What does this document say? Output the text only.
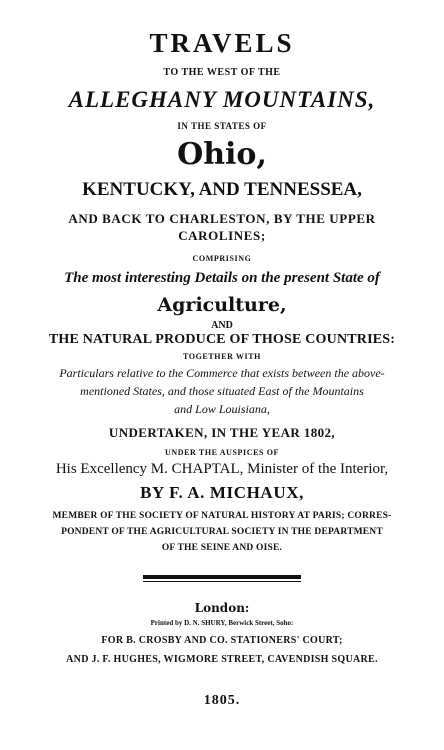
TRAVELS
TO THE WEST OF THE
ALLEGHANY MOUNTAINS,
IN THE STATES OF
Ohio,
KENTUCKY, AND TENNESSEA,
AND BACK TO CHARLESTON, BY THE UPPER
CAROLINES;
COMPRISING
The most interesting Details on the present State of
Agriculture,
AND
THE NATURAL PRODUCE OF THOSE COUNTRIES:
TOGETHER WITH
Particulars relative to the Commerce that exists between the above-
mentioned States, and those situated East of the Mountains
and Low Louisiana,
UNDERTAKEN, IN THE YEAR 1802,
UNDER THE AUSPICES OF
His Excellency M. CHAPTAL, Minister of the Interior,
BY F. A. MICHAUX,
MEMBER OF THE SOCIETY OF NATURAL HISTORY AT PARIS; CORRES-
PONDENT OF THE AGRICULTURAL SOCIETY IN THE DEPARTMENT
OF THE SEINE AND OISE.
London:
Printed by D. N. SHURY, Berwick Street, Soho:
FOR B. CROSBY AND CO. STATIONERS' COURT;
AND J. F. HUGHES, WIGMORE STREET, CAVENDISH SQUARE.
1805.
